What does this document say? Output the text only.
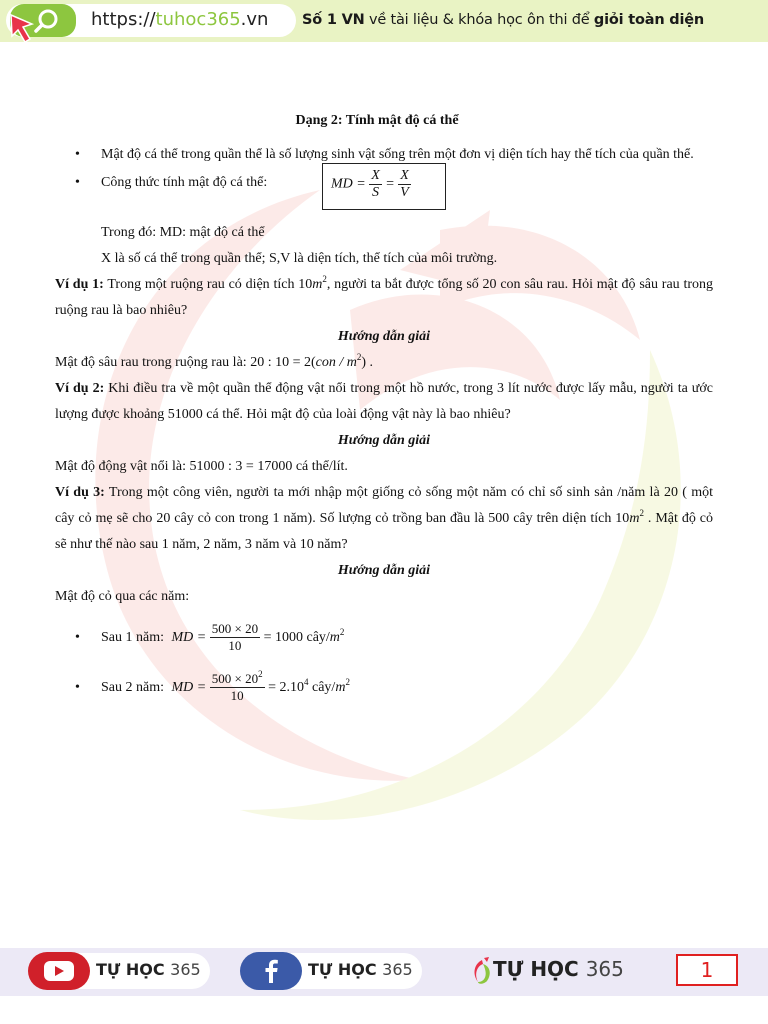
https://tuhoc365.vn Số 1 VN về tài liệu & khóa học ôn thi để giỏi toàn diện

Dạng 2: Tính mật độ cá thể

• Mật độ cá thể trong quần thể là số lượng sinh vật sống trên một đơn vị diện tích hay thể tích của quần thể.

• Công thức tính mật độ cá thể:	MD = $\frac{X}{S} = \frac{X}{V}$

Trong đó: MD: mật độ cá thể

X là số cá thể trong quần thể; S,V là diện tích, thể tích của môi trường.

Ví dụ 1: Trong một ruộng rau có diện tích $10m^2$, người ta bắt được tổng số 20 con sâu rau. Hỏi mật độ sâu rau trong ruộng rau là bao nhiêu?

Hướng dẫn giải

Mật độ sâu rau trong ruộng rau là: 20 : $10 = 2(con / m^2)$ .

Ví dụ 2: Khi điều tra về một quần thể động vật nổi trong một hồ nước, trong 3 lít nước được lấy mẫu, người ta ước lượng được khoảng 51000 cá thể. Hỏi mật độ của loài động vật này là bao nhiêu?

Hướng dẫn giải

Mật độ động vật nổi là: 51000 : 3 = 17000 cá thể/lít.

Ví dụ 3: Trong một công viên, người ta mới nhập một giống cỏ sống một năm có chỉ số sinh sản /năm là 20 ( một cây cỏ mẹ sẽ cho 20 cây cỏ con trong 1 năm). Số lượng cỏ trồng ban đầu là 500 cây trên diện tích $10m^2$ . Mật độ cỏ sẽ như thế nào sau 1 năm, 2 năm, 3 năm và 10 năm?

Hướng dẫn giải

Mật độ cỏ qua các năm:

• Sau 1 năm: MD = $\frac{500 \times 20}{10} = 1000$ cây/$m^2$
• Sau 2 năm: MD = $\frac{500 \times 20^2}{10} = 2.10^4$ cây/$m^2$
TỰ HỌC 365	TỰ HỌC 365	TỰ HỌC 365	1
